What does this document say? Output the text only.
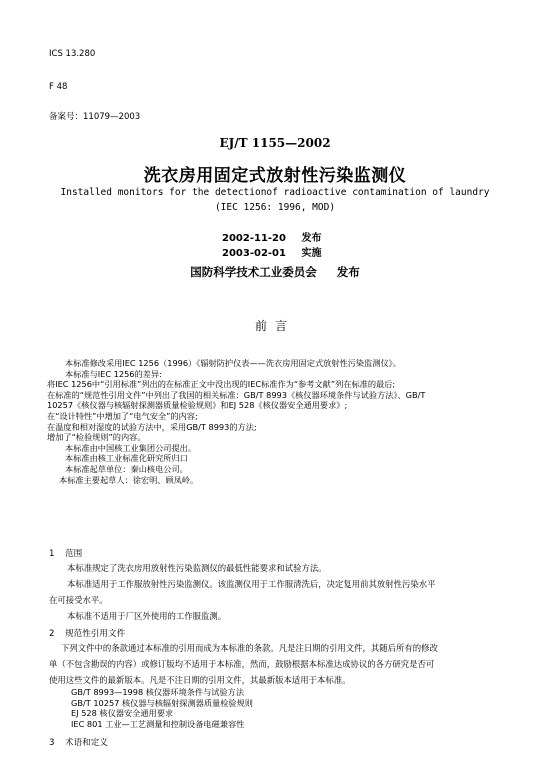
ICS 13.280
F 48
备案号：11079—2003
EJ/T 1155—2002
洗衣房用固定式放射性污染监测仪
Installed monitors for the detectionof radioactive contamination of laundry
(IEC 1256: 1996, MOD)
2002-11-20 发布
2003-02-01 实施
国防科学技术工业委员会 发布
前言
本标准修改采用IEC 1256（1996）《辐射防护仪表——洗衣房用固定式放射性污染监测仪》。
本标准与IEC 1256的差异:
将IEC 1256中“引用标准”列出的在标准正文中没出现的IEC标准作为“参考文献”列在标准的最后;
在标准的“规范性引用文件”中列出了我国的相关标准：GB/T 8993《核仪器环境条件与试验方法》、GB/T
10257《核仪器与核辐射探测器质量检验规则》和EJ 528《核仪器安全通用要求》;
在“设计特性”中增加了“电气安全”的内容;
在温度和相对湿度的试验方法中，采用GB/T 8993的方法;
增加了“检验规则”的内容。
本标准由中国核工业集团公司提出。
本标准由核工业标准化研究所归口
本标准起草单位：秦山核电公司。
本标准主要起草人：徐宏明、顾凤岭。
1 范围
本标准规定了洗衣房用放射性污染监测仪的最低性能要求和试验方法。
本标准适用于工作服放射性污染监测仪。该监测仪用于工作服清洗后，决定复用前其放射性污染水平
在可接受水平。
本标准不适用于厂区外使用的工作服监测。
2 规范性引用文件
下列文件中的条款通过本标准的引用而成为本标准的条款。凡是注日期的引用文件，其随后所有的修改
单（不包含勘误的内容）或修订版均不适用于本标准，然而，鼓励根据本标准达成协议的各方研究是否可
使用这些文件的最新版本。凡是不注日期的引用文件，其最新版本适用于本标准。
GB/T 8993—1998 核仪器环境条件与试验方法
GB/T 10257 核仪器与核辐射探测器质量检验规则
EJ 528 核仪器安全通用要求
IEC 801 工业—工艺测量和控制设备电磁兼容性
3 术语和定义
